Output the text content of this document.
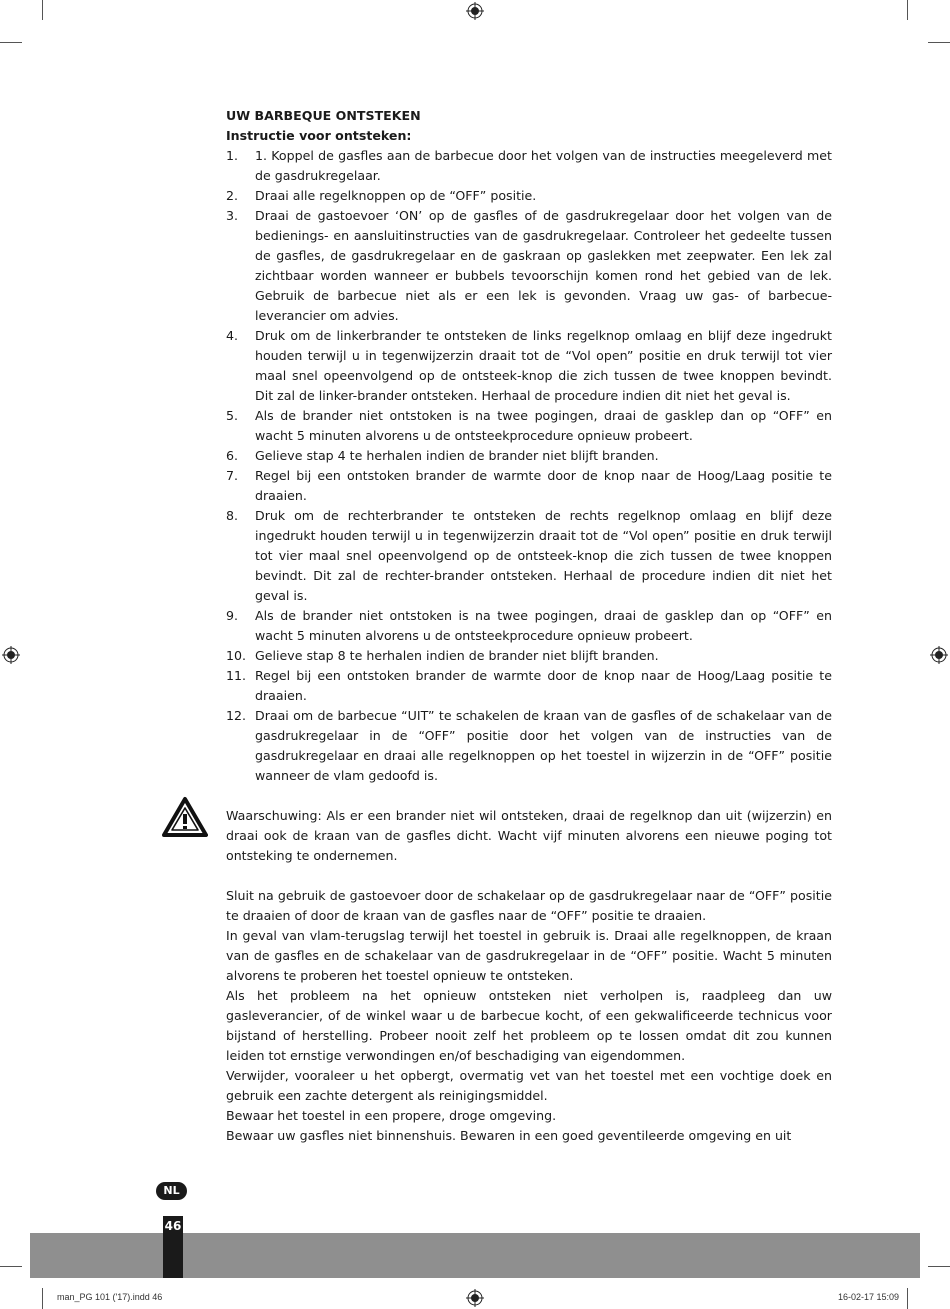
UW BARBEQUE ONTSTEKEN
Instructie voor ontsteken:
1. 1. Koppel de gasfles aan de barbecue door het volgen van de instructies meegeleverd met de gasdrukregelaar.
2. Draai alle regelknoppen op de “OFF” positie.
3. Draai de gastoevoer ‘ON’ op de gasfles of de gasdrukregelaar door het volgen van de bedienings- en aansluitinstructies van de gasdrukregelaar. Controleer het gedeelte tussen de gasfles, de gasdrukregelaar en de gaskraan op gaslekken met zeepwater. Een lek zal zichtbaar worden wanneer er bubbels tevoorschijn komen rond het gebied van de lek. Gebruik de barbecue niet als er een lek is gevonden. Vraag uw gas- of barbecue-leverancier om advies.
4. Druk om de linkerbrander te ontsteken de links regelknop omlaag en blijf deze ingedrukt houden terwijl u in tegenwijzerzin draait tot de “Vol open” positie en druk terwijl tot vier maal snel opeenvolgend op de ontsteek-knop die zich tussen de twee knoppen bevindt. Dit zal de linker-brander ontsteken. Herhaal de procedure indien dit niet het geval is.
5. Als de brander niet ontstoken is na twee pogingen, draai de gasklep dan op “OFF” en wacht 5 minuten alvorens u de ontsteekprocedure opnieuw probeert.
6. Gelieve stap 4 te herhalen indien de brander niet blijft branden.
7. Regel bij een ontstoken brander de warmte door de knop naar de Hoog/Laag positie te draaien.
8. Druk om de rechterbrander te ontsteken de rechts regelknop omlaag en blijf deze ingedrukt houden terwijl u in tegenwijzerzin draait tot de “Vol open” positie en druk terwijl tot vier maal snel opeenvolgend op de ontsteek-knop die zich tussen de twee knoppen bevindt. Dit zal de rechter-brander ontsteken. Herhaal de procedure indien dit niet het geval is.
9. Als de brander niet ontstoken is na twee pogingen, draai de gasklep dan op “OFF” en wacht 5 minuten alvorens u de ontsteekprocedure opnieuw probeert.
10. Gelieve stap 8 te herhalen indien de brander niet blijft branden.
11. Regel bij een ontstoken brander de warmte door de knop naar de Hoog/Laag positie te draaien.
12. Draai om de barbecue “UIT” te schakelen de kraan van de gasfles of de schakelaar van de gasdrukregelaar in de “OFF” positie door het volgen van de instructies van de gasdrukregelaar en draai alle regelknoppen op het toestel in wijzerzin in de “OFF” positie wanneer de vlam gedoofd is.

Waarschuwing: Als er een brander niet wil ontsteken, draai de regelknop dan uit (wijzerzin) en draai ook de kraan van de gasfles dicht. Wacht vijf minuten alvorens een nieuwe poging tot ontsteking te ondernemen.

Sluit na gebruik de gastoevoer door de schakelaar op de gasdrukregelaar naar de “OFF” positie te draaien of door de kraan van de gasfles naar de “OFF” positie te draaien.

In geval van vlam-terugslag terwijl het toestel in gebruik is. Draai alle regelknoppen, de kraan van de gasfles en de schakelaar van de gasdrukregelaar in de “OFF” positie. Wacht 5 minuten alvorens te proberen het toestel opnieuw te ontsteken.

Als het probleem na het opnieuw ontsteken niet verholpen is, raadpleeg dan uw gasleverancier, of de winkel waar u de barbecue kocht, of een gekwalificeerde technicus voor bijstand of herstelling. Probeer nooit zelf het probleem op te lossen omdat dit zou kunnen leiden tot ernstige verwondingen en/of beschadiging van eigendommen.

Verwijder, vooraleer u het opbergt, overmatig vet van het toestel met een vochtige doek en gebruik een zachte detergent als reinigingsmiddel.

Bewaar het toestel in een propere, droge omgeving.

Bewaar uw gasfles niet binnenshuis. Bewaren in een goed geventileerde omgeving en uit

NL
46
man_PG 101 ('17).indd 46	16-02-17 15:09
